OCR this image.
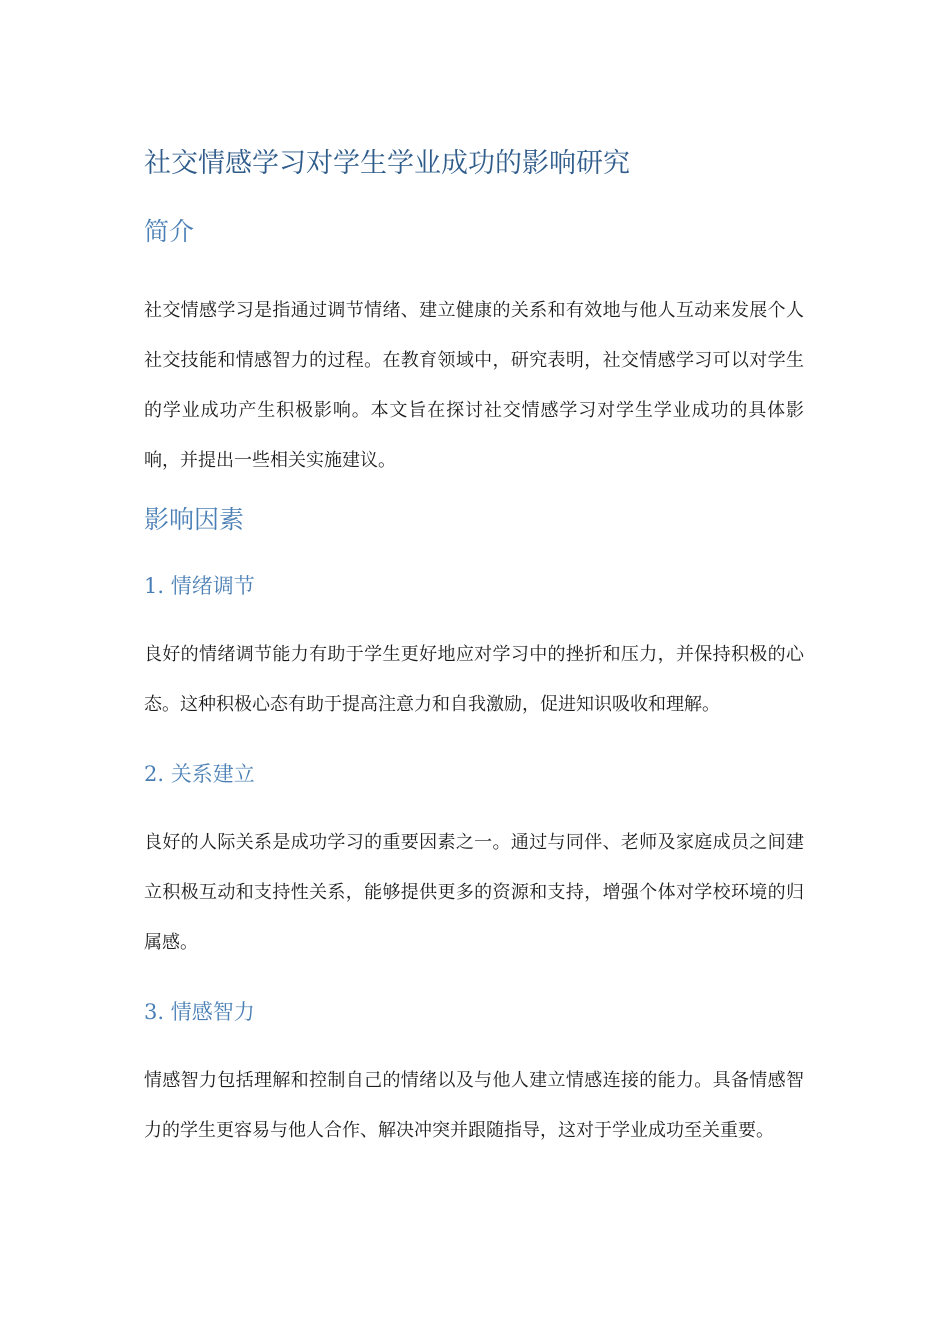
社交情感学习对学生学业成功的影响研究
简介

社交情感学习是指通过调节情绪、建立健康的关系和有效地与他人互动来发展个人社交技能和情感智力的过程。在教育领域中，研究表明，社交情感学习可以对学生的学业成功产生积极影响。本文旨在探讨社交情感学习对学生学业成功的具体影响，并提出一些相关实施建议。

影响因素
1. 情绪调节

良好的情绪调节能力有助于学生更好地应对学习中的挫折和压力，并保持积极的心态。这种积极心态有助于提高注意力和自我激励，促进知识吸收和理解。

2. 关系建立

良好的人际关系是成功学习的重要因素之一。通过与同伴、老师及家庭成员之间建立积极互动和支持性关系，能够提供更多的资源和支持，增强个体对学校环境的归属感。

3. 情感智力

情感智力包括理解和控制自己的情绪以及与他人建立情感连接的能力。具备情感智力的学生更容易与他人合作、解决冲突并跟随指导，这对于学业成功至关重要。
